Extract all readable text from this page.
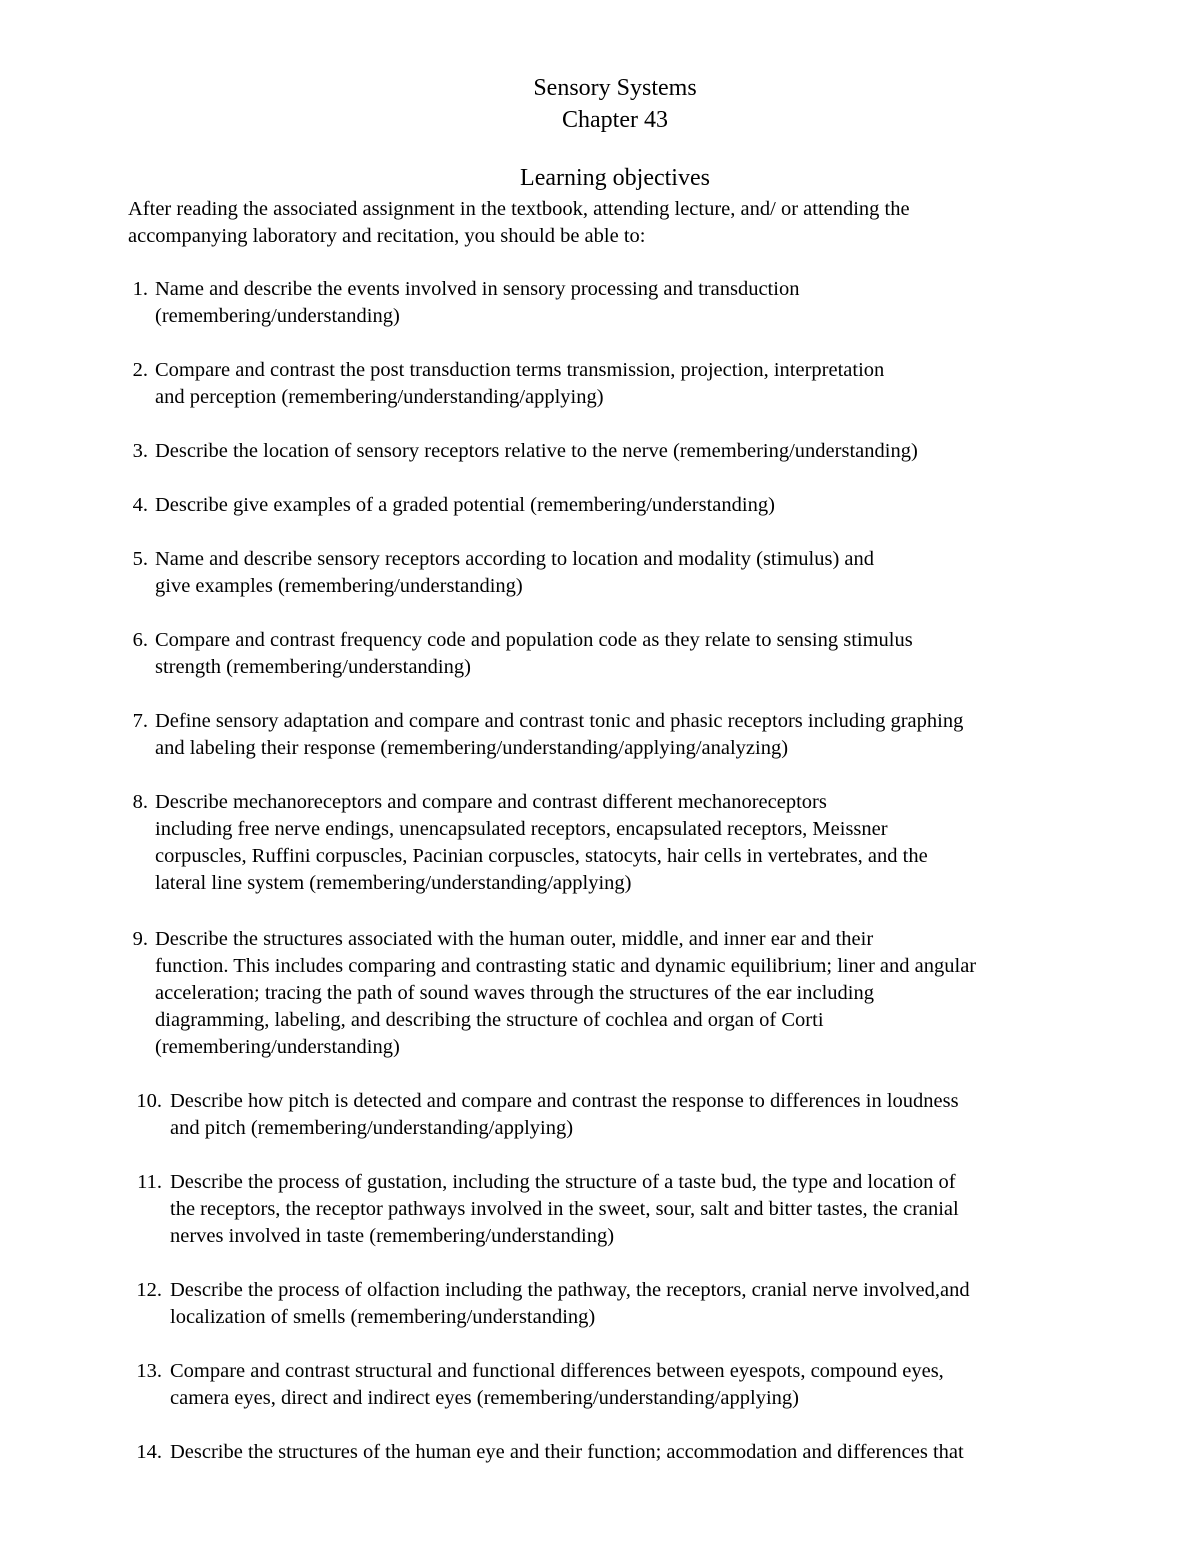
Sensory Systems
Chapter 43
Learning objectives
After reading the associated assignment in the textbook, attending lecture, and/ or attending the
accompanying laboratory and recitation, you should be able to:
1. Name and describe the events involved in sensory processing and transduction
(remembering/understanding)
2. Compare and contrast the post transduction terms transmission, projection, interpretation
and perception (remembering/understanding/applying)
3. Describe the location of sensory receptors relative to the nerve (remembering/understanding)
4. Describe give examples of a graded potential (remembering/understanding)
5. Name and describe sensory receptors according to location and modality (stimulus) and
give examples (remembering/understanding)
6. Compare and contrast frequency code and population code as they relate to sensing stimulus
strength (remembering/understanding)
7. Define sensory adaptation and compare and contrast tonic and phasic receptors including graphing
and labeling their response (remembering/understanding/applying/analyzing)
8. Describe mechanoreceptors and compare and contrast different mechanoreceptors
including free nerve endings, unencapsulated receptors, encapsulated receptors, Meissner
corpuscles, Ruffini corpuscles, Pacinian corpuscles, statocyts, hair cells in vertebrates, and the
lateral line system (remembering/understanding/applying)
9. Describe the structures associated with the human outer, middle, and inner ear and their
function. This includes comparing and contrasting static and dynamic equilibrium; liner and angular
acceleration; tracing the path of sound waves through the structures of the ear including
diagramming, labeling, and describing the structure of cochlea and organ of Corti
(remembering/understanding)
10. Describe how pitch is detected and compare and contrast the response to differences in loudness
and pitch (remembering/understanding/applying)
11. Describe the process of gustation, including the structure of a taste bud, the type and location of
the receptors, the receptor pathways involved in the sweet, sour, salt and bitter tastes, the cranial
nerves involved in taste (remembering/understanding)
12. Describe the process of olfaction including the pathway, the receptors, cranial nerve involved,and
localization of smells (remembering/understanding)
13. Compare and contrast structural and functional differences between eyespots, compound eyes,
camera eyes, direct and indirect eyes (remembering/understanding/applying)
14. Describe the structures of the human eye and their function; accommodation and differences that
